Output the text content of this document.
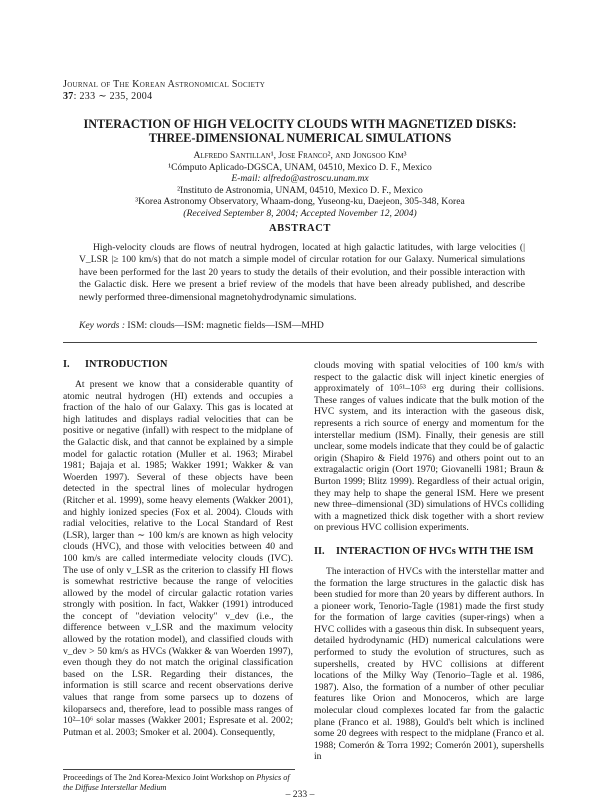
Journal of The Korean Astronomical Society
37: 233 ∼ 235, 2004
INTERACTION OF HIGH VELOCITY CLOUDS WITH MAGNETIZED DISKS:
THREE-DIMENSIONAL NUMERICAL SIMULATIONS
Alfredo Santillan¹, Jose Franco², and Jongsoo Kim³
¹Cómputo Aplicado-DGSCA, UNAM, 04510, Mexico D. F., Mexico
E-mail: alfredo@astroscu.unam.mx
²Instituto de Astronomia, UNAM, 04510, Mexico D. F., Mexico
³Korea Astronomy Observatory, Whaam-dong, Yuseong-ku, Daejeon, 305-348, Korea
(Received September 8, 2004; Accepted November 12, 2004)
ABSTRACT
High-velocity clouds are flows of neutral hydrogen, located at high galactic latitudes, with large velocities (| V_LSR |≥ 100 km/s) that do not match a simple model of circular rotation for our Galaxy. Numerical simulations have been performed for the last 20 years to study the details of their evolution, and their possible interaction with the Galactic disk. Here we present a brief review of the models that have been already published, and describe newly performed three-dimensional magnetohydrodynamic simulations.
Key words : ISM: clouds—ISM: magnetic fields—ISM—MHD
I. INTRODUCTION

At present we know that a considerable quantity of atomic neutral hydrogen (HI) extends and occupies a fraction of the halo of our Galaxy. This gas is located at high latitudes and displays radial velocities that can be positive or negative (infall) with respect to the midplane of the Galactic disk, and that cannot be explained by a simple model for galactic rotation (Muller et al. 1963; Mirabel 1981; Bajaja et al. 1985; Wakker 1991; Wakker & van Woerden 1997). Several of these objects have been detected in the spectral lines of molecular hydrogen (Ritcher et al. 1999), some heavy elements (Wakker 2001), and highly ionized species (Fox et al. 2004). Clouds with radial velocities, relative to the Local Standard of Rest (LSR), larger than ∼ 100 km/s are known as high velocity clouds (HVC), and those with velocities between 40 and 100 km/s are called intermediate velocity clouds (IVC). The use of only v_LSR as the criterion to classify HI flows is somewhat restrictive because the range of velocities allowed by the model of circular galactic rotation varies strongly with position. In fact, Wakker (1991) introduced the concept of "deviation velocity" v_dev (i.e., the difference between v_LSR and the maximum velocity allowed by the rotation model), and classified clouds with v_dev > 50 km/s as HVCs (Wakker & van Woerden 1997), even though they do not match the original classification based on the LSR. Regarding their distances, the information is still scarce and recent observations derive values that range from some parsecs up to dozens of kiloparsecs and, therefore, lead to possible mass ranges of 10²–10⁶ solar masses (Wakker 2001; Espresate et al. 2002; Putman et al. 2003; Smoker et al. 2004). Consequently,

clouds moving with spatial velocities of 100 km/s with respect to the galactic disk will inject kinetic energies of approximately of 10⁵¹–10⁵³ erg during their collisions. These ranges of values indicate that the bulk motion of the HVC system, and its interaction with the gaseous disk, represents a rich source of energy and momentum for the interstellar medium (ISM). Finally, their genesis are still unclear, some models indicate that they could be of galactic origin (Shapiro & Field 1976) and others point out to an extragalactic origin (Oort 1970; Giovanelli 1981; Braun & Burton 1999; Blitz 1999). Regardless of their actual origin, they may help to shape the general ISM. Here we present new three–dimensional (3D) simulations of HVCs colliding with a magnetized thick disk together with a short review on previous HVC collision experiments.

II. INTERACTION OF HVCs WITH THE ISM

The interaction of HVCs with the interstellar matter and the formation the large structures in the galactic disk has been studied for more than 20 years by different authors. In a pioneer work, Tenorio-Tagle (1981) made the first study for the formation of large cavities (super-rings) when a HVC collides with a gaseous thin disk. In subsequent years, detailed hydrodynamic (HD) numerical calculations were performed to study the evolution of structures, such as supershells, created by HVC collisions at different locations of the Milky Way (Tenorio–Tagle et al. 1986, 1987). Also, the formation of a number of other peculiar features like Orion and Monoceros, which are large molecular cloud complexes located far from the galactic plane (Franco et al. 1988), Gould's belt which is inclined some 20 degrees with respect to the midplane (Franco et al. 1988; Comerón & Torra 1992; Comerón 2001), supershells in

Proceedings of The 2nd Korea-Mexico Joint Workshop on Physics of the Diffuse Interstellar Medium
– 233 –
